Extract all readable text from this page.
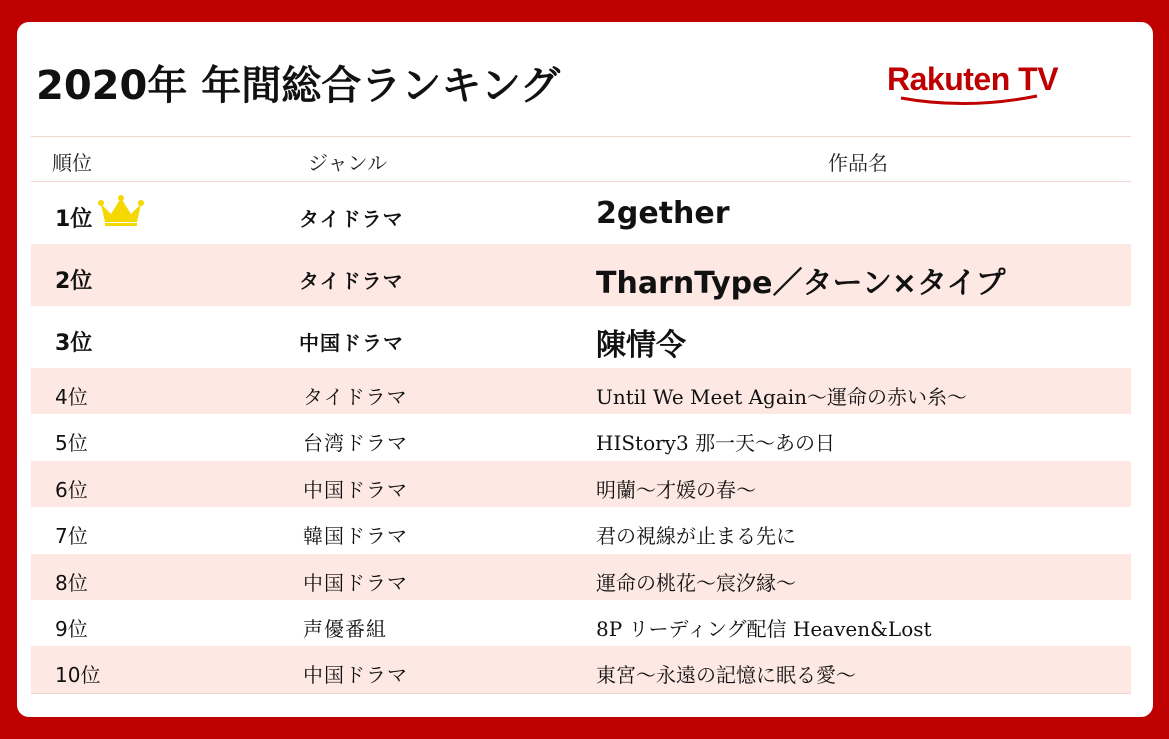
2020年 年間総合ランキング	Rakuten TV
順位	ジャンル	作品名
1位	タイドラマ	2gether
2位	タイドラマ	TharnType／ターン×タイプ
3位	中国ドラマ	陳情令
4位	タイドラマ	Until We Meet Again～運命の赤い糸～
5位	台湾ドラマ	HIStory3 那一天～あの日
6位	中国ドラマ	明蘭～才媛の春～
7位	韓国ドラマ	君の視線が止まる先に
8位	中国ドラマ	運命の桃花～宸汐縁～
9位	声優番組	8P リーディング配信 Heaven&Lost
10位	中国ドラマ	東宮～永遠の記憶に眠る愛～
